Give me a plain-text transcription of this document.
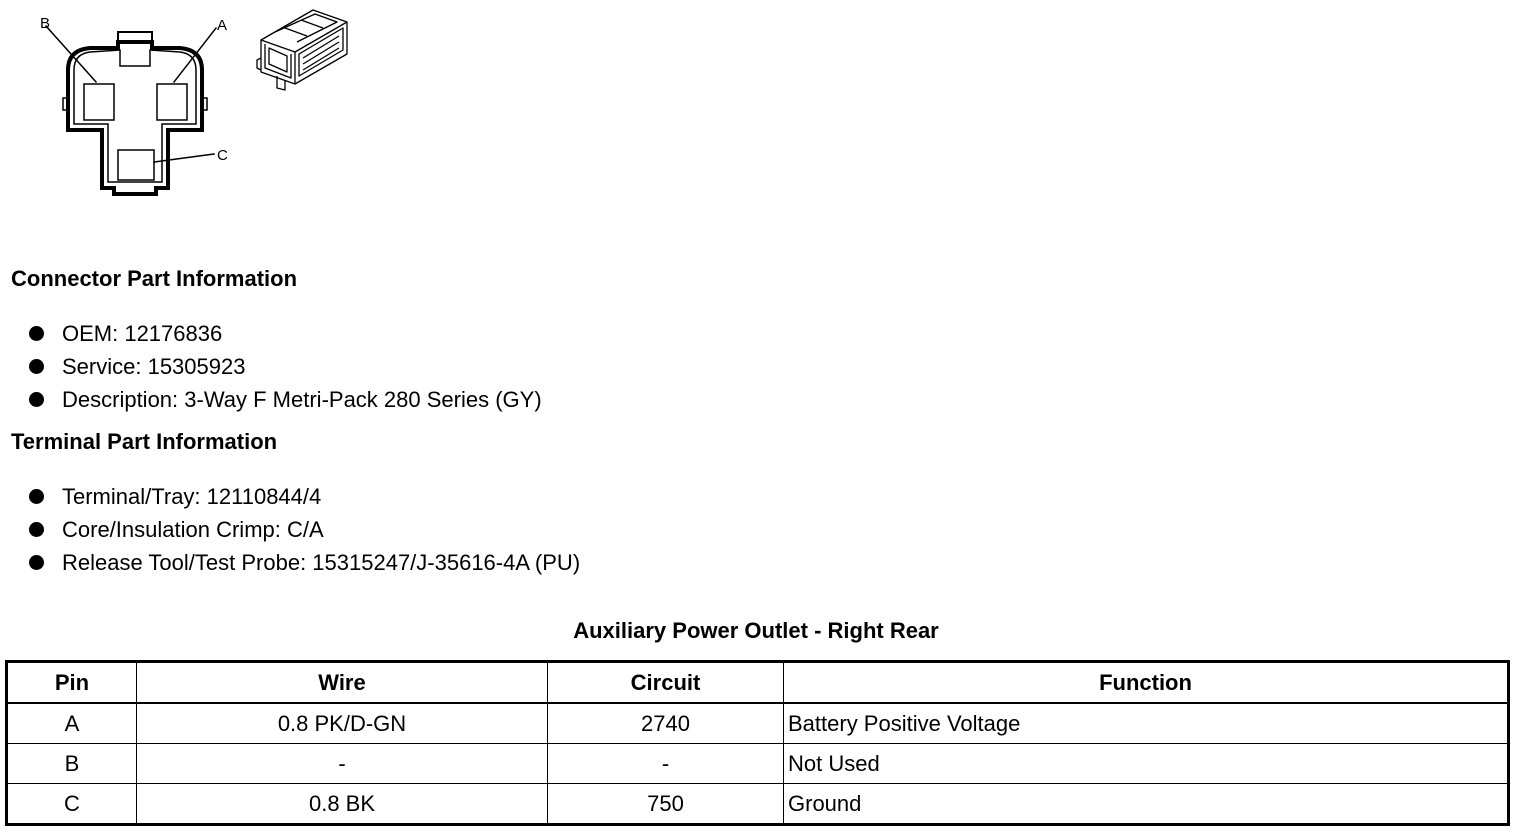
B	A
C
Connector Part Information
OEM: 12176836
Service: 15305923
Description: 3-Way F Metri-Pack 280 Series (GY)
Terminal Part Information
Terminal/Tray: 12110844/4
Core/Insulation Crimp: C/A
Release Tool/Test Probe: 15315247/J-35616-4A (PU)
Auxiliary Power Outlet - Right Rear
Pin	Wire	Circuit	Function
A	0.8 PK/D-GN	2740	Battery Positive Voltage
B	-	-	Not Used
C	0.8 BK	750	Ground
